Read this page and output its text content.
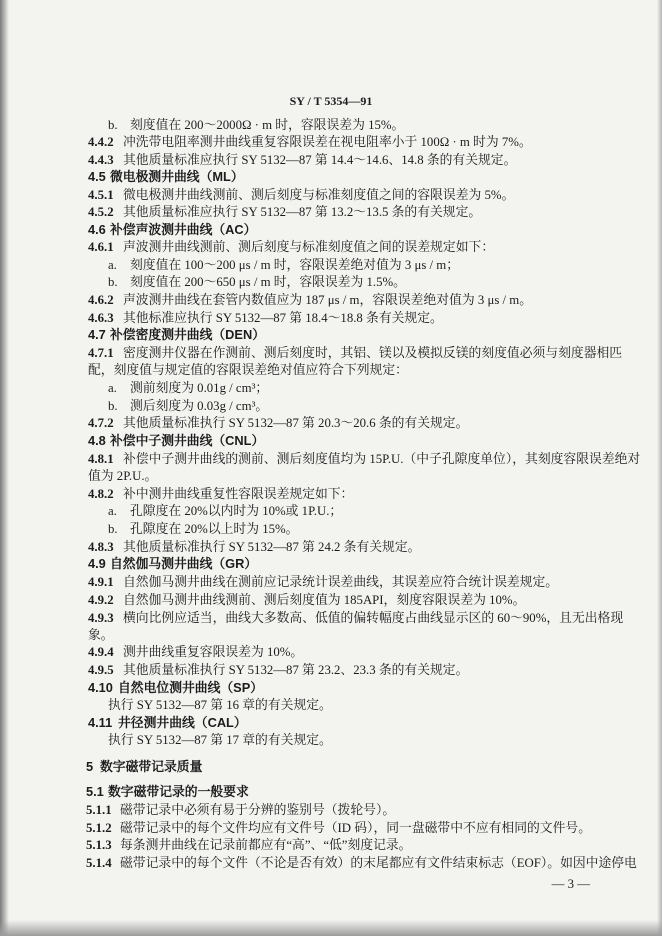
SY / T 5354—91
b. 刻度值在 200～2000Ω · m 时，容限误差为 15%。
4.4.2 冲洗带电阻率测井曲线重复容限误差在视电阻率小于 100Ω · m 时为 7%。
4.4.3 其他质量标准应执行 SY 5132—87 第 14.4～14.6、14.8 条的有关规定。
4.5 微电极测井曲线（ML）
4.5.1 微电极测井曲线测前、测后刻度与标准刻度值之间的容限误差为 5%。
4.5.2 其他质量标准应执行 SY 5132—87 第 13.2～13.5 条的有关规定。
4.6 补偿声波测井曲线（AC）
4.6.1 声波测井曲线测前、测后刻度与标准刻度值之间的误差规定如下：
a. 刻度值在 100～200 μs / m 时，容限误差绝对值为 3 μs / m；
b. 刻度值在 200～650 μs / m 时，容限误差为 1.5%。
4.6.2 声波测井曲线在套管内数值应为 187 μs / m，容限误差绝对值为 3 μs / m。
4.6.3 其他标准应执行 SY 5132—87 第 18.4～18.8 条有关规定。
4.7 补偿密度测井曲线（DEN）
4.7.1 密度测井仪器在作测前、测后刻度时，其铝、镁以及模拟反镁的刻度值必须与刻度器相匹
配，刻度值与规定值的容限误差绝对值应符合下列规定：
a. 测前刻度为 0.01g / cm³；
b. 测后刻度为 0.03g / cm³。
4.7.2 其他质量标准执行 SY 5132—87 第 20.3～20.6 条的有关规定。
4.8 补偿中子测井曲线（CNL）
4.8.1 补偿中子测井曲线的测前、测后刻度值均为 15P.U.（中子孔隙度单位），其刻度容限误差绝对
值为 2P.U.。
4.8.2 补中测井曲线重复性容限误差规定如下：
a. 孔隙度在 20%以内时为 10%或 1P.U.；
b. 孔隙度在 20%以上时为 15%。
4.8.3 其他质量标准执行 SY 5132—87 第 24.2 条有关规定。
4.9 自然伽马测井曲线（GR）
4.9.1 自然伽马测井曲线在测前应记录统计误差曲线，其误差应符合统计误差规定。
4.9.2 自然伽马测井曲线测前、测后刻度值为 185API，刻度容限误差为 10%。
4.9.3 横向比例应适当，曲线大多数高、低值的偏转幅度占曲线显示区的 60～90%，且无出格现
象。
4.9.4 测井曲线重复容限误差为 10%。
4.9.5 其他质量标准执行 SY 5132—87 第 23.2、23.3 条的有关规定。
4.10 自然电位测井曲线（SP）
执行 SY 5132—87 第 16 章的有关规定。
4.11 井径测井曲线（CAL）
执行 SY 5132—87 第 17 章的有关规定。
5 数字磁带记录质量
5.1 数字磁带记录的一般要求
5.1.1 磁带记录中必须有易于分辨的鉴别号（拨轮号）。
5.1.2 磁带记录中的每个文件均应有文件号（ID 码），同一盘磁带中不应有相同的文件号。
5.1.3 每条测井曲线在记录前都应有“高”、“低”刻度记录。
5.1.4 磁带记录中的每个文件（不论是否有效）的末尾都应有文件结束标志（EOF）。如因中途停电
— 3 —
